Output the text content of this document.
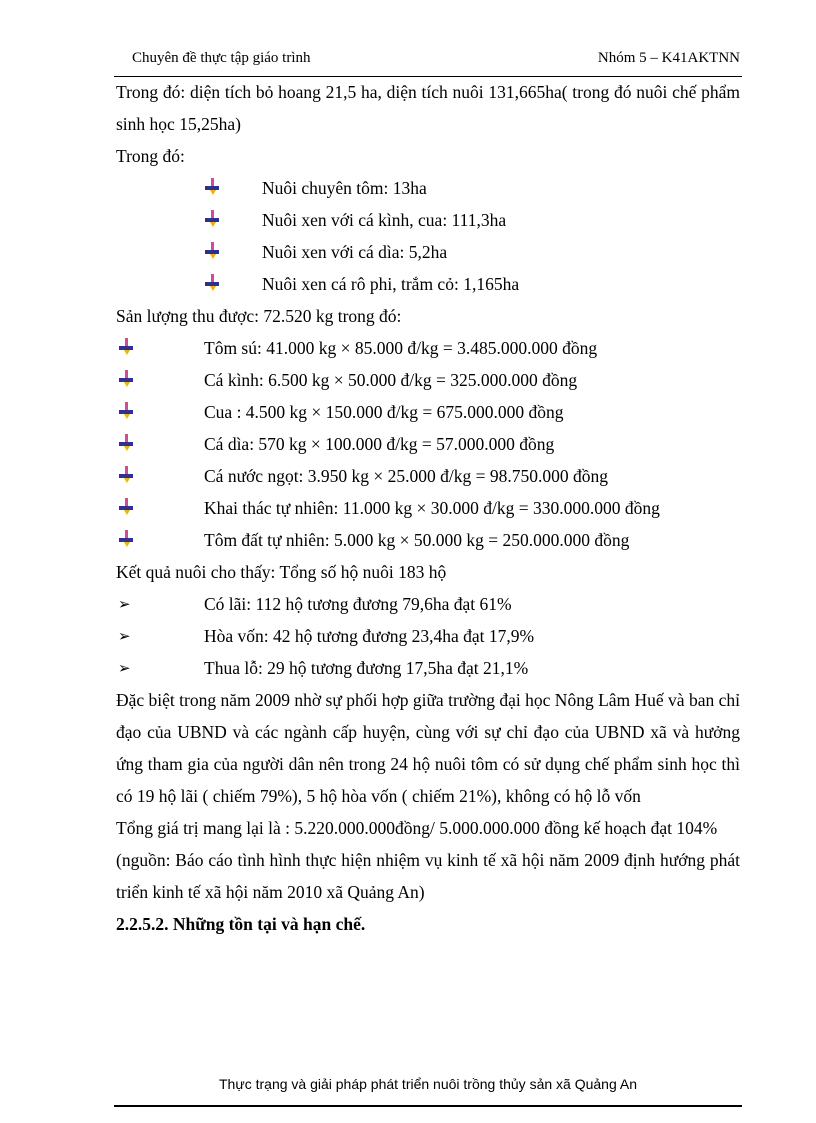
Chuyên đề thực tập giáo trình	Nhóm 5 – K41AKTNN

Trong đó: diện tích bỏ hoang 21,5 ha, diện tích nuôi 131,665ha( trong đó nuôi chế phẩm sinh học 15,25ha)

Trong đó:

Nuôi chuyên tôm: 13ha
Nuôi xen với cá kình, cua: 111,3ha
Nuôi xen với cá dìa: 5,2ha
Nuôi xen cá rô phi, trắm cỏ: 1,165ha

Sản lượng thu được: 72.520 kg trong đó:

Tôm sú: 41.000 kg × 85.000 đ/kg = 3.485.000.000 đồng
Cá kình: 6.500 kg × 50.000 đ/kg = 325.000.000 đồng
Cua : 4.500 kg × 150.000 đ/kg = 675.000.000 đồng
Cá dìa: 570 kg × 100.000 đ/kg = 57.000.000 đồng
Cá nước ngọt: 3.950 kg × 25.000 đ/kg = 98.750.000 đồng
Khai thác tự nhiên: 11.000 kg × 30.000 đ/kg = 330.000.000 đồng
Tôm đất tự nhiên: 5.000 kg × 50.000 kg = 250.000.000 đồng

Kết quả nuôi cho thấy: Tổng số hộ nuôi 183 hộ

➢	Có lãi: 112 hộ tương đương 79,6ha đạt 61%
➢	Hòa vốn: 42 hộ tương đương 23,4ha đạt 17,9%
➢	Thua lỗ: 29 hộ tương đương 17,5ha đạt 21,1%

Đặc biệt trong năm 2009 nhờ sự phối hợp giữa trường đại học Nông Lâm Huế và ban chỉ đạo của UBND và các ngành cấp huyện, cùng với sự chỉ đạo của UBND xã và hưởng ứng tham gia của người dân nên trong 24 hộ nuôi tôm có sử dụng chế phẩm sinh học thì có 19 hộ lãi ( chiếm 79%), 5 hộ hòa vốn ( chiếm 21%), không có hộ lỗ vốn

Tổng giá trị mang lại là : 5.220.000.000đồng/ 5.000.000.000 đồng kế hoạch đạt 104%

(nguồn: Báo cáo tình hình thực hiện nhiệm vụ kinh tế xã hội năm 2009 định hướng phát triển kinh tế xã hội năm 2010 xã Quảng An)

2.2.5.2. Những tồn tại và hạn chế.

Thực trạng và giải pháp phát triển nuôi trồng thủy sản xã Quảng An
